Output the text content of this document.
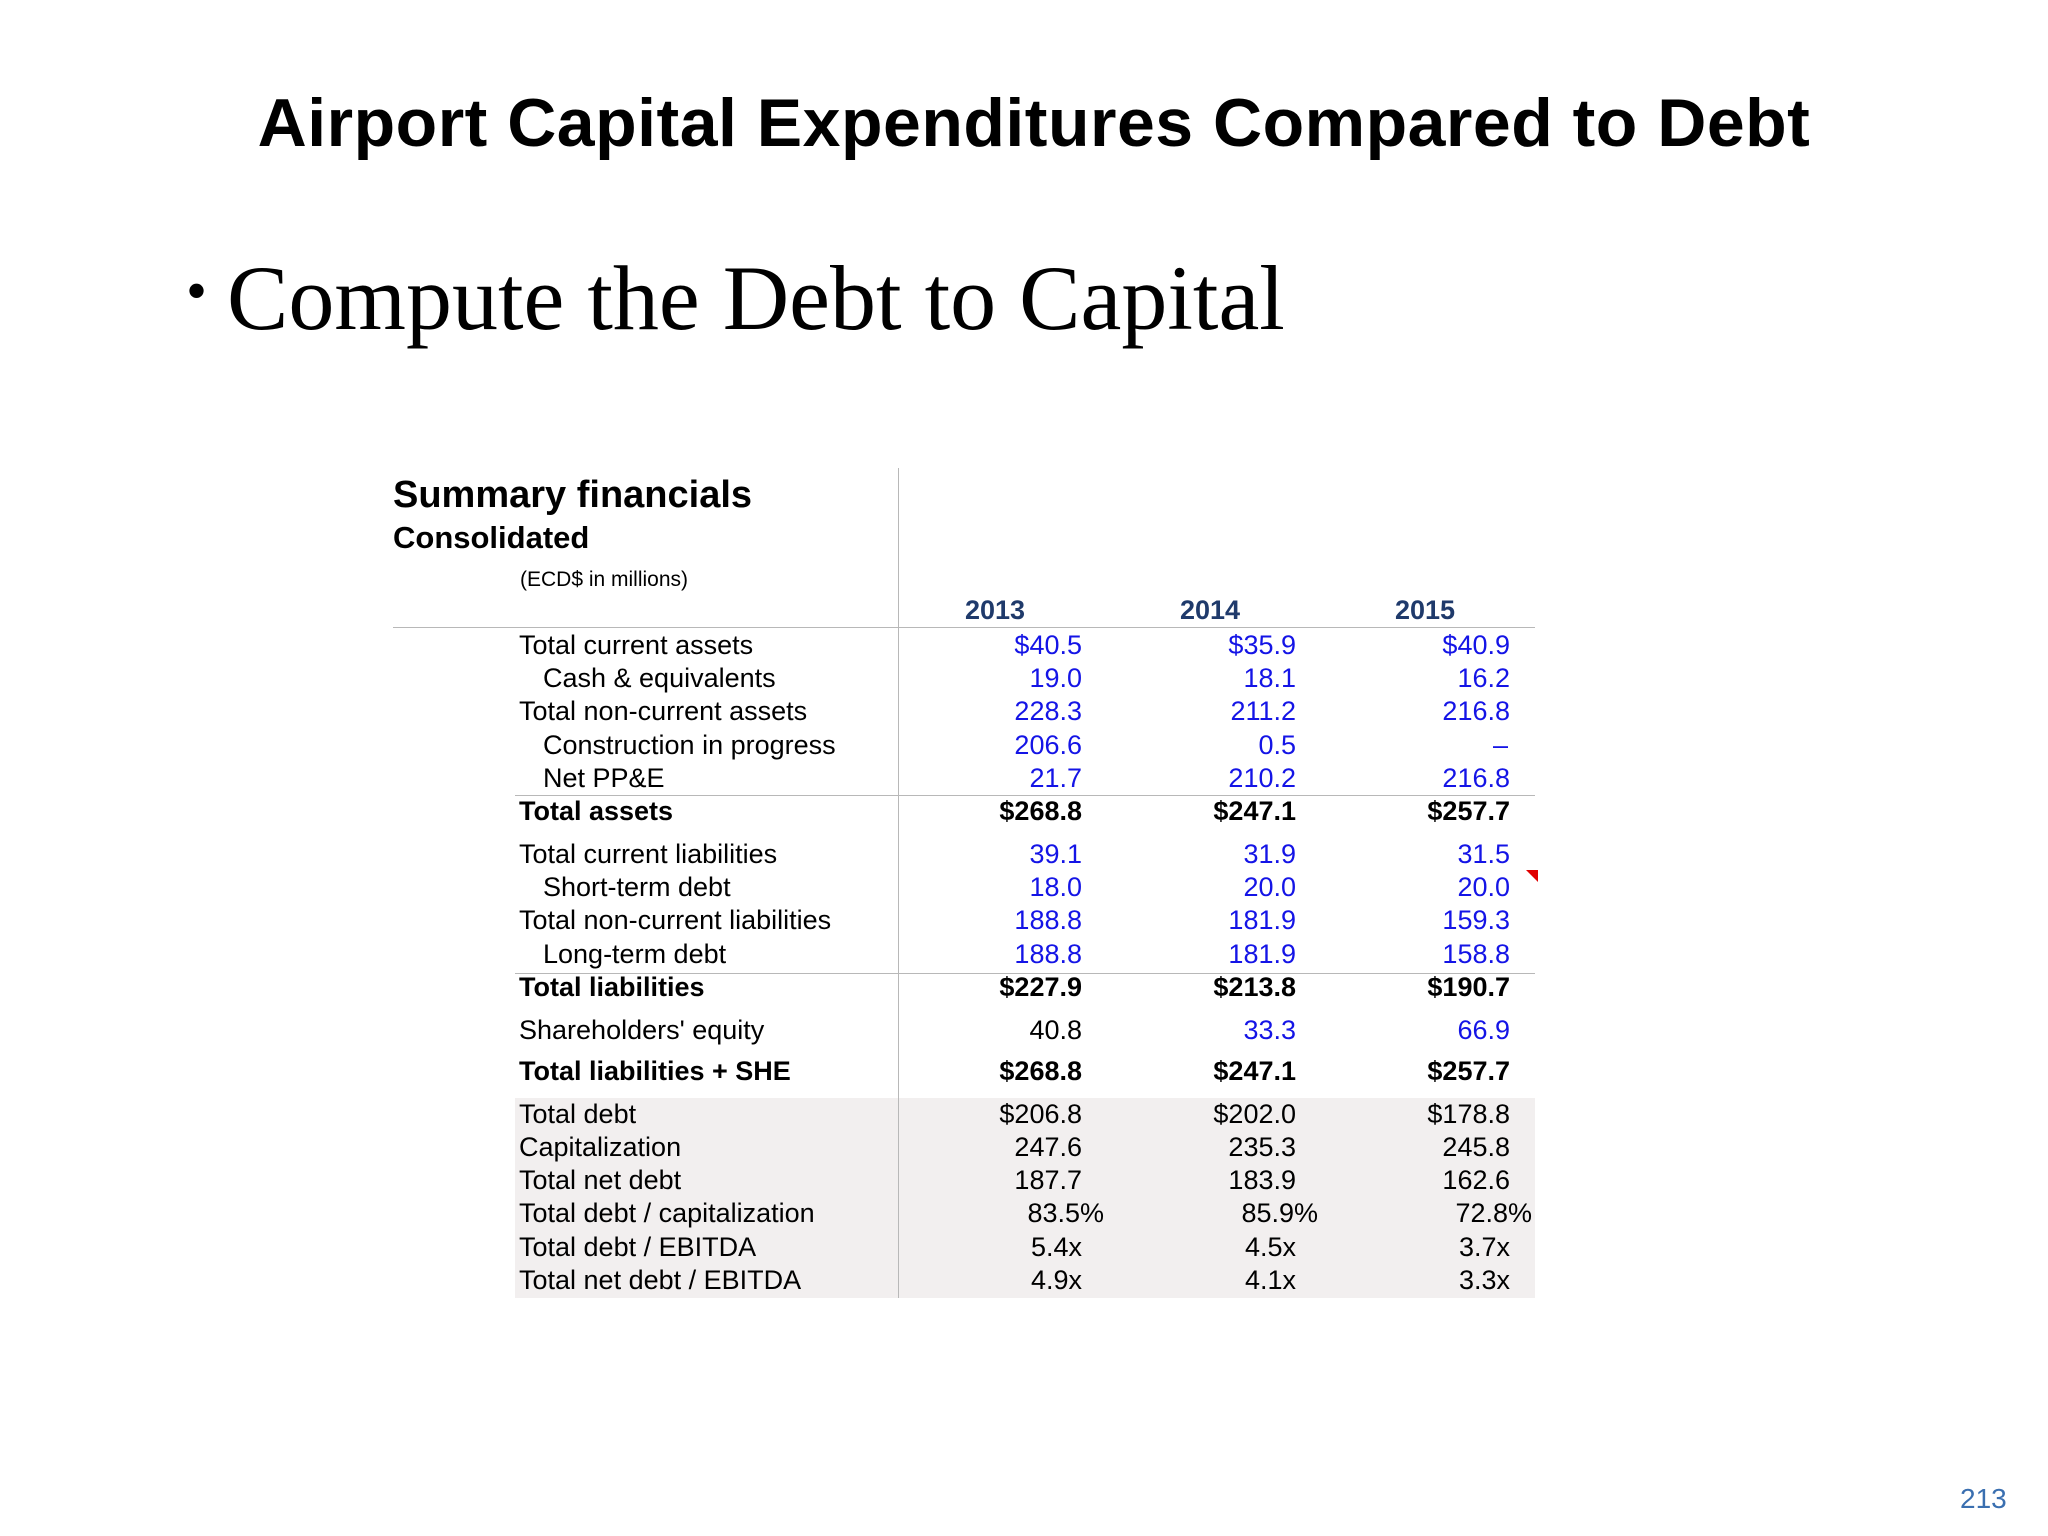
Airport Capital Expenditures Compared to Debt
• Compute the Debt to Capital
Summary financials
Consolidated
(ECD$ in millions)
2013	2014	2015
Total current assets	$40.5	$35.9	$40.9
Cash & equivalents	19.0	18.1	16.2
Total non-current assets	228.3	211.2	216.8
Construction in progress	206.6	0.5	–
Net PP&E	21.7	210.2	216.8
Total assets	$268.8	$247.1	$257.7
Total current liabilities	39.1	31.9	31.5
Short-term debt	18.0	20.0	20.0
Total non-current liabilities	188.8	181.9	159.3
Long-term debt	188.8	181.9	158.8
Total liabilities	$227.9	$213.8	$190.7
Shareholders' equity	40.8	33.3	66.9
Total liabilities + SHE	$268.8	$247.1	$257.7
Total debt	$206.8	$202.0	$178.8
Capitalization	247.6	235.3	245.8
Total net debt	187.7	183.9	162.6
Total debt / capitalization	83.5%	85.9%	72.8%
Total debt / EBITDA	5.4x	4.5x	3.7x
Total net debt / EBITDA	4.9x	4.1x	3.3x
213
